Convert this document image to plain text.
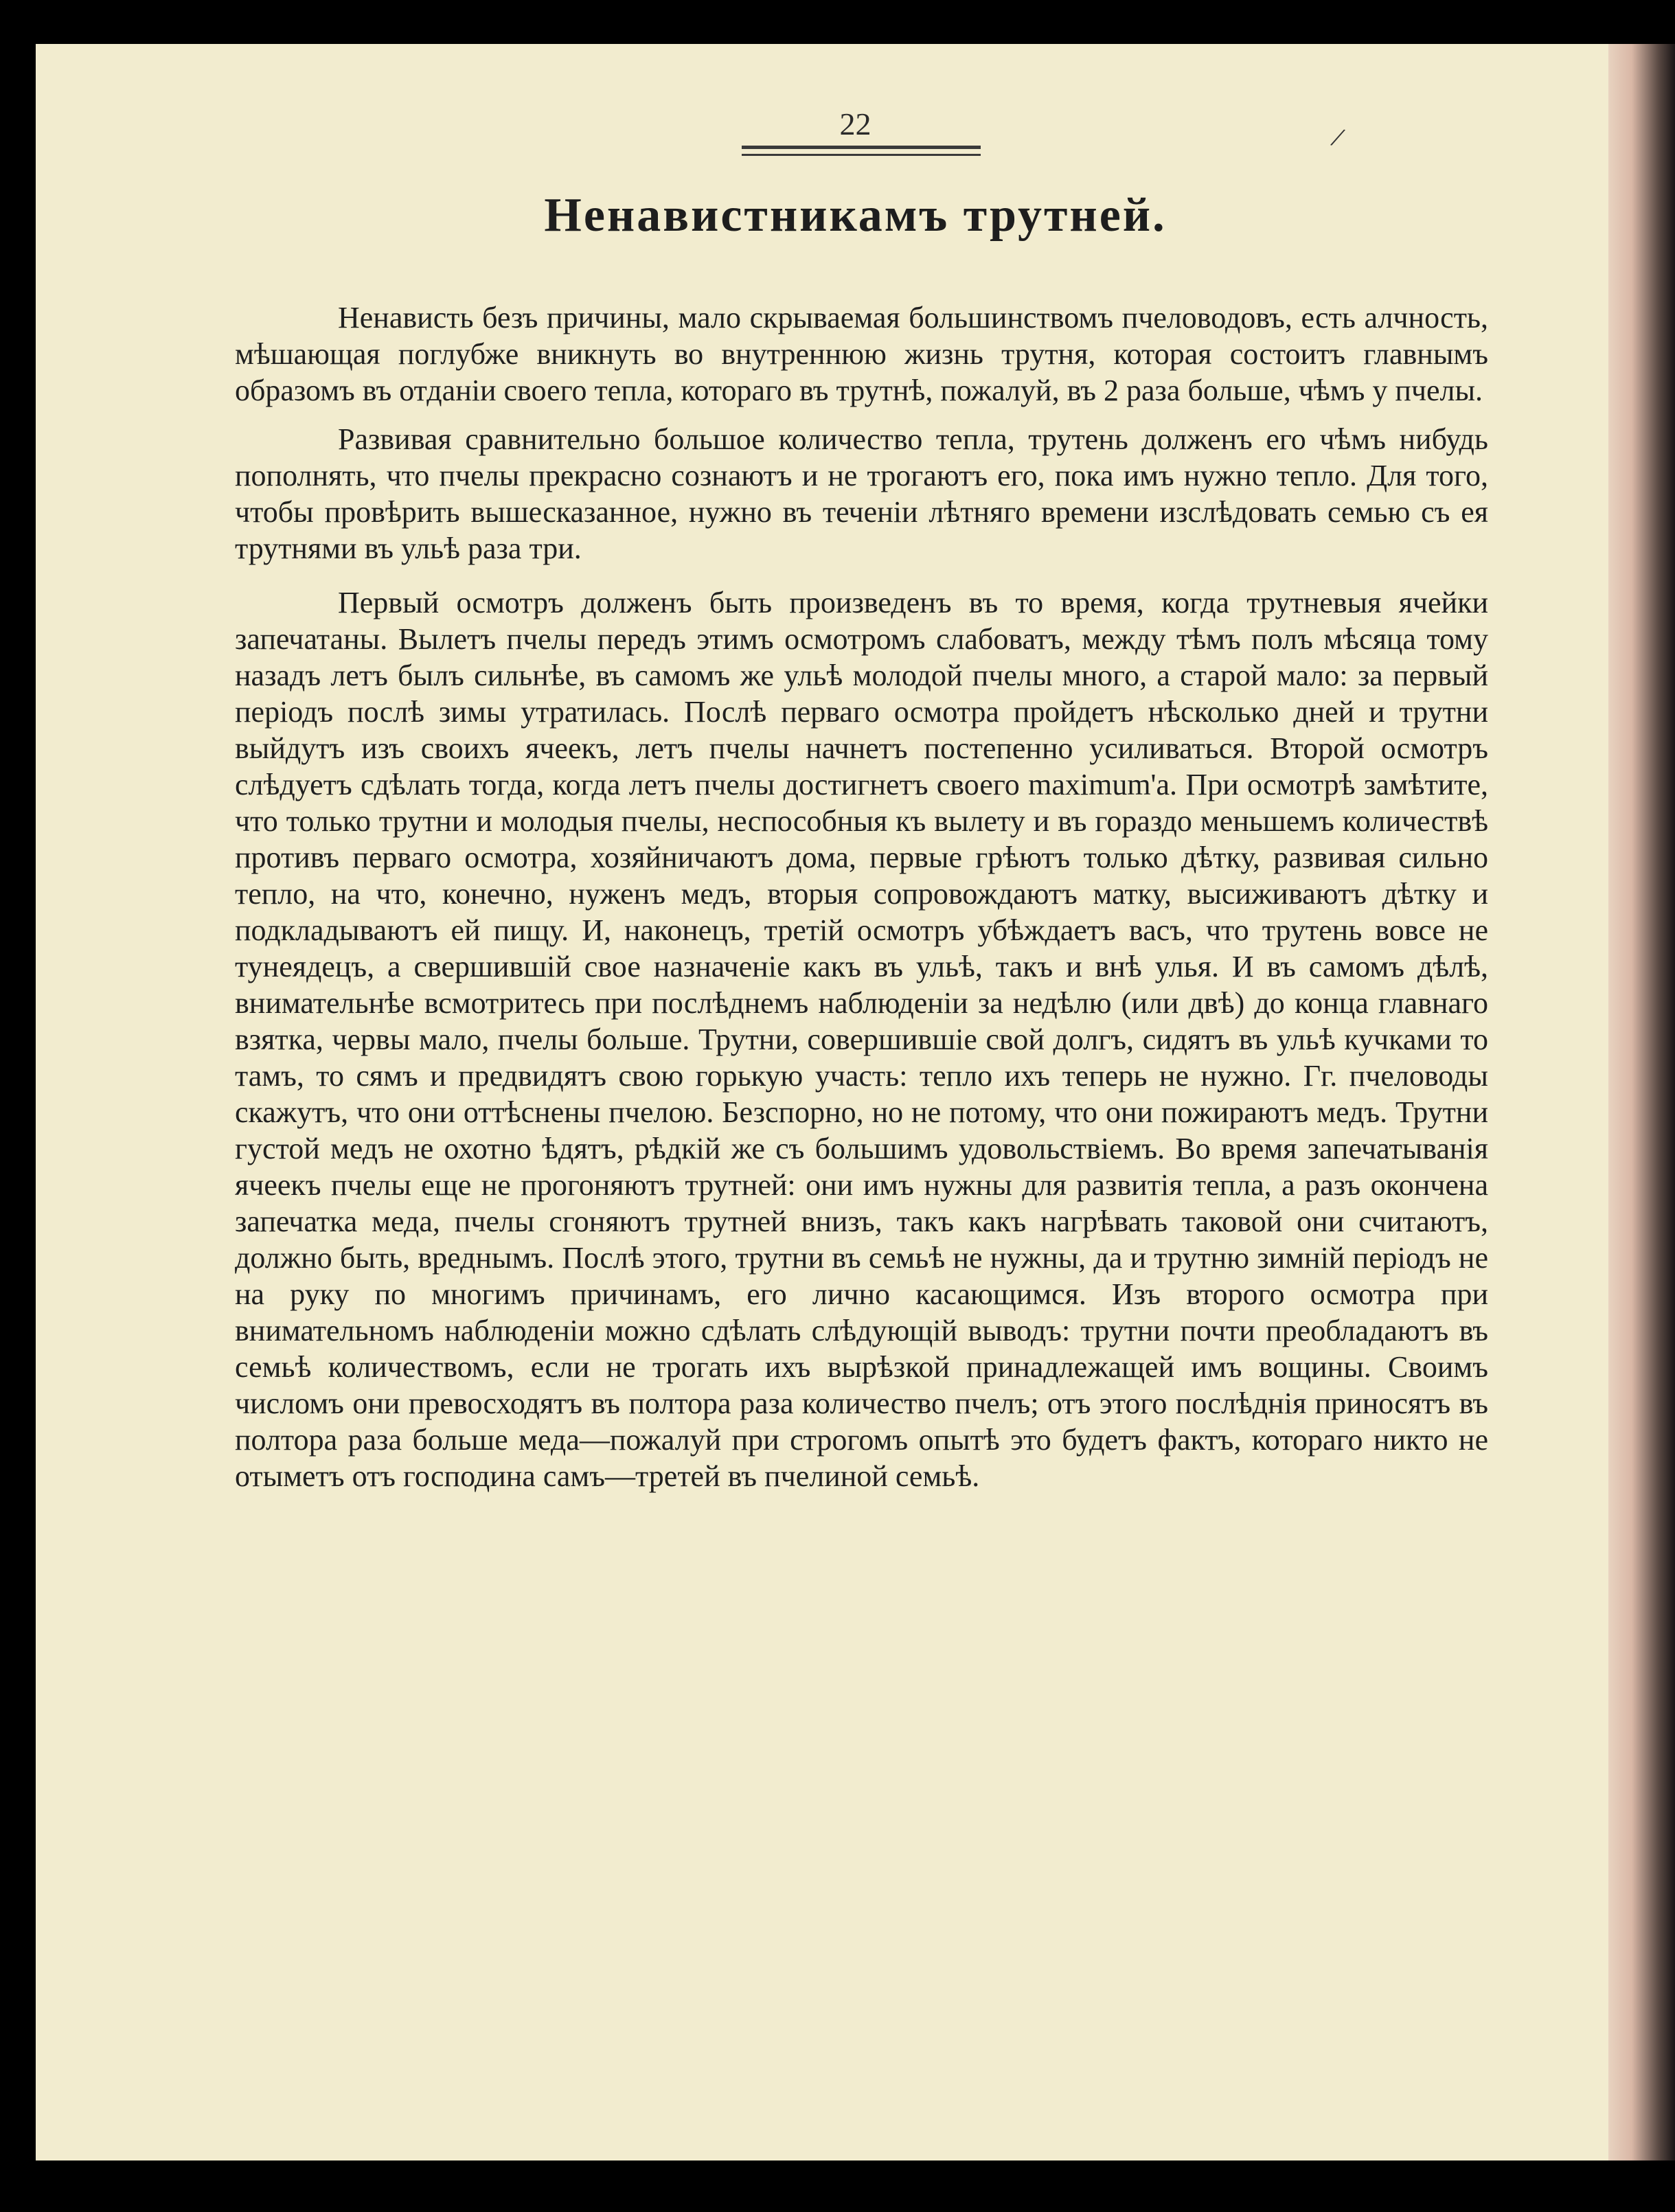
/

22

Ненавистникамъ трутней.

Ненависть безъ причины, мало скрываемая большинствомъ пчеловодовъ, есть алчность, мѣшающая поглубже вникнуть во внутреннюю жизнь трутня, которая состоитъ главнымъ образомъ въ отданіи своего тепла, котораго въ трутнѣ, пожалуй, въ 2 раза больше, чѣмъ у пчелы.

Развивая сравнительно большое количество тепла, трутень долженъ его чѣмъ нибудь пополнять, что пчелы прекрасно сознаютъ и не трогаютъ его, пока имъ нужно тепло. Для того, чтобы провѣрить вышесказанное, нужно въ теченіи лѣтняго времени изслѣдовать семью съ ея трутнями въ ульѣ раза три.

Первый осмотръ долженъ быть произведенъ въ то время, когда трутневыя ячейки запечатаны. Вылетъ пчелы передъ этимъ осмотромъ слабоватъ, между тѣмъ полъ мѣсяца тому назадъ летъ былъ сильнѣе, въ самомъ же ульѣ молодой пчелы много, а старой мало: за первый періодъ послѣ зимы утратилась. Послѣ перваго осмотра пройдетъ нѣсколько дней и трутни выйдутъ изъ своихъ ячеекъ, летъ пчелы начнетъ постепенно усиливаться. Второй осмотръ слѣдуетъ сдѣлать тогда, когда летъ пчелы достигнетъ своего maximum'а. При осмотрѣ замѣтите, что только трутни и молодыя пчелы, неспособныя къ вылету и въ гораздо меньшемъ количествѣ противъ перваго осмотра, хозяйничаютъ дома, первые грѣютъ только дѣтку, развивая сильно тепло, на что, конечно, нуженъ медъ, вторыя сопровождаютъ матку, высиживаютъ дѣтку и подкладываютъ ей пищу. И, наконецъ, третій осмотръ убѣждаетъ васъ, что трутень вовсе не тунеядецъ, а свершившій свое назначеніе какъ въ ульѣ, такъ и внѣ улья. И въ самомъ дѣлѣ, внимательнѣе всмотритесь при послѣднемъ наблюденіи за недѣлю (или двѣ) до конца главнаго взятка, червы мало, пчелы больше. Трутни, совершившіе свой долгъ, сидятъ въ ульѣ кучками то тамъ, то сямъ и предвидятъ свою горькую участь: тепло ихъ теперь не нужно. Гг. пчеловоды скажутъ, что они оттѣснены пчелою. Безспорно, но не потому, что они пожираютъ медъ. Трутни густой медъ не охотно ѣдятъ, рѣдкій же съ большимъ удовольствіемъ. Во время запечатыванія ячеекъ пчелы еще не прогоняютъ трутней: они имъ нужны для развитія тепла, а разъ окончена запечатка меда, пчелы сгоняютъ трутней внизъ, такъ какъ нагрѣвать таковой они считаютъ, должно быть, вреднымъ. Послѣ этого, трутни въ семьѣ не нужны, да и трутню зимній періодъ не на руку по многимъ причинамъ, его лично касающимся. Изъ второго осмотра при внимательномъ наблюденіи можно сдѣлать слѣдующій выводъ: трутни почти преобладаютъ въ семьѣ количествомъ, если не трогать ихъ вырѣзкой принадлежащей имъ вощины. Своимъ числомъ они превосходятъ въ полтора раза количество пчелъ; отъ этого послѣднія приносятъ въ полтора раза больше меда—пожалуй при строгомъ опытѣ это будетъ фактъ, котораго никто не отыметъ отъ господина самъ—третей въ пчелиной семьѣ.
